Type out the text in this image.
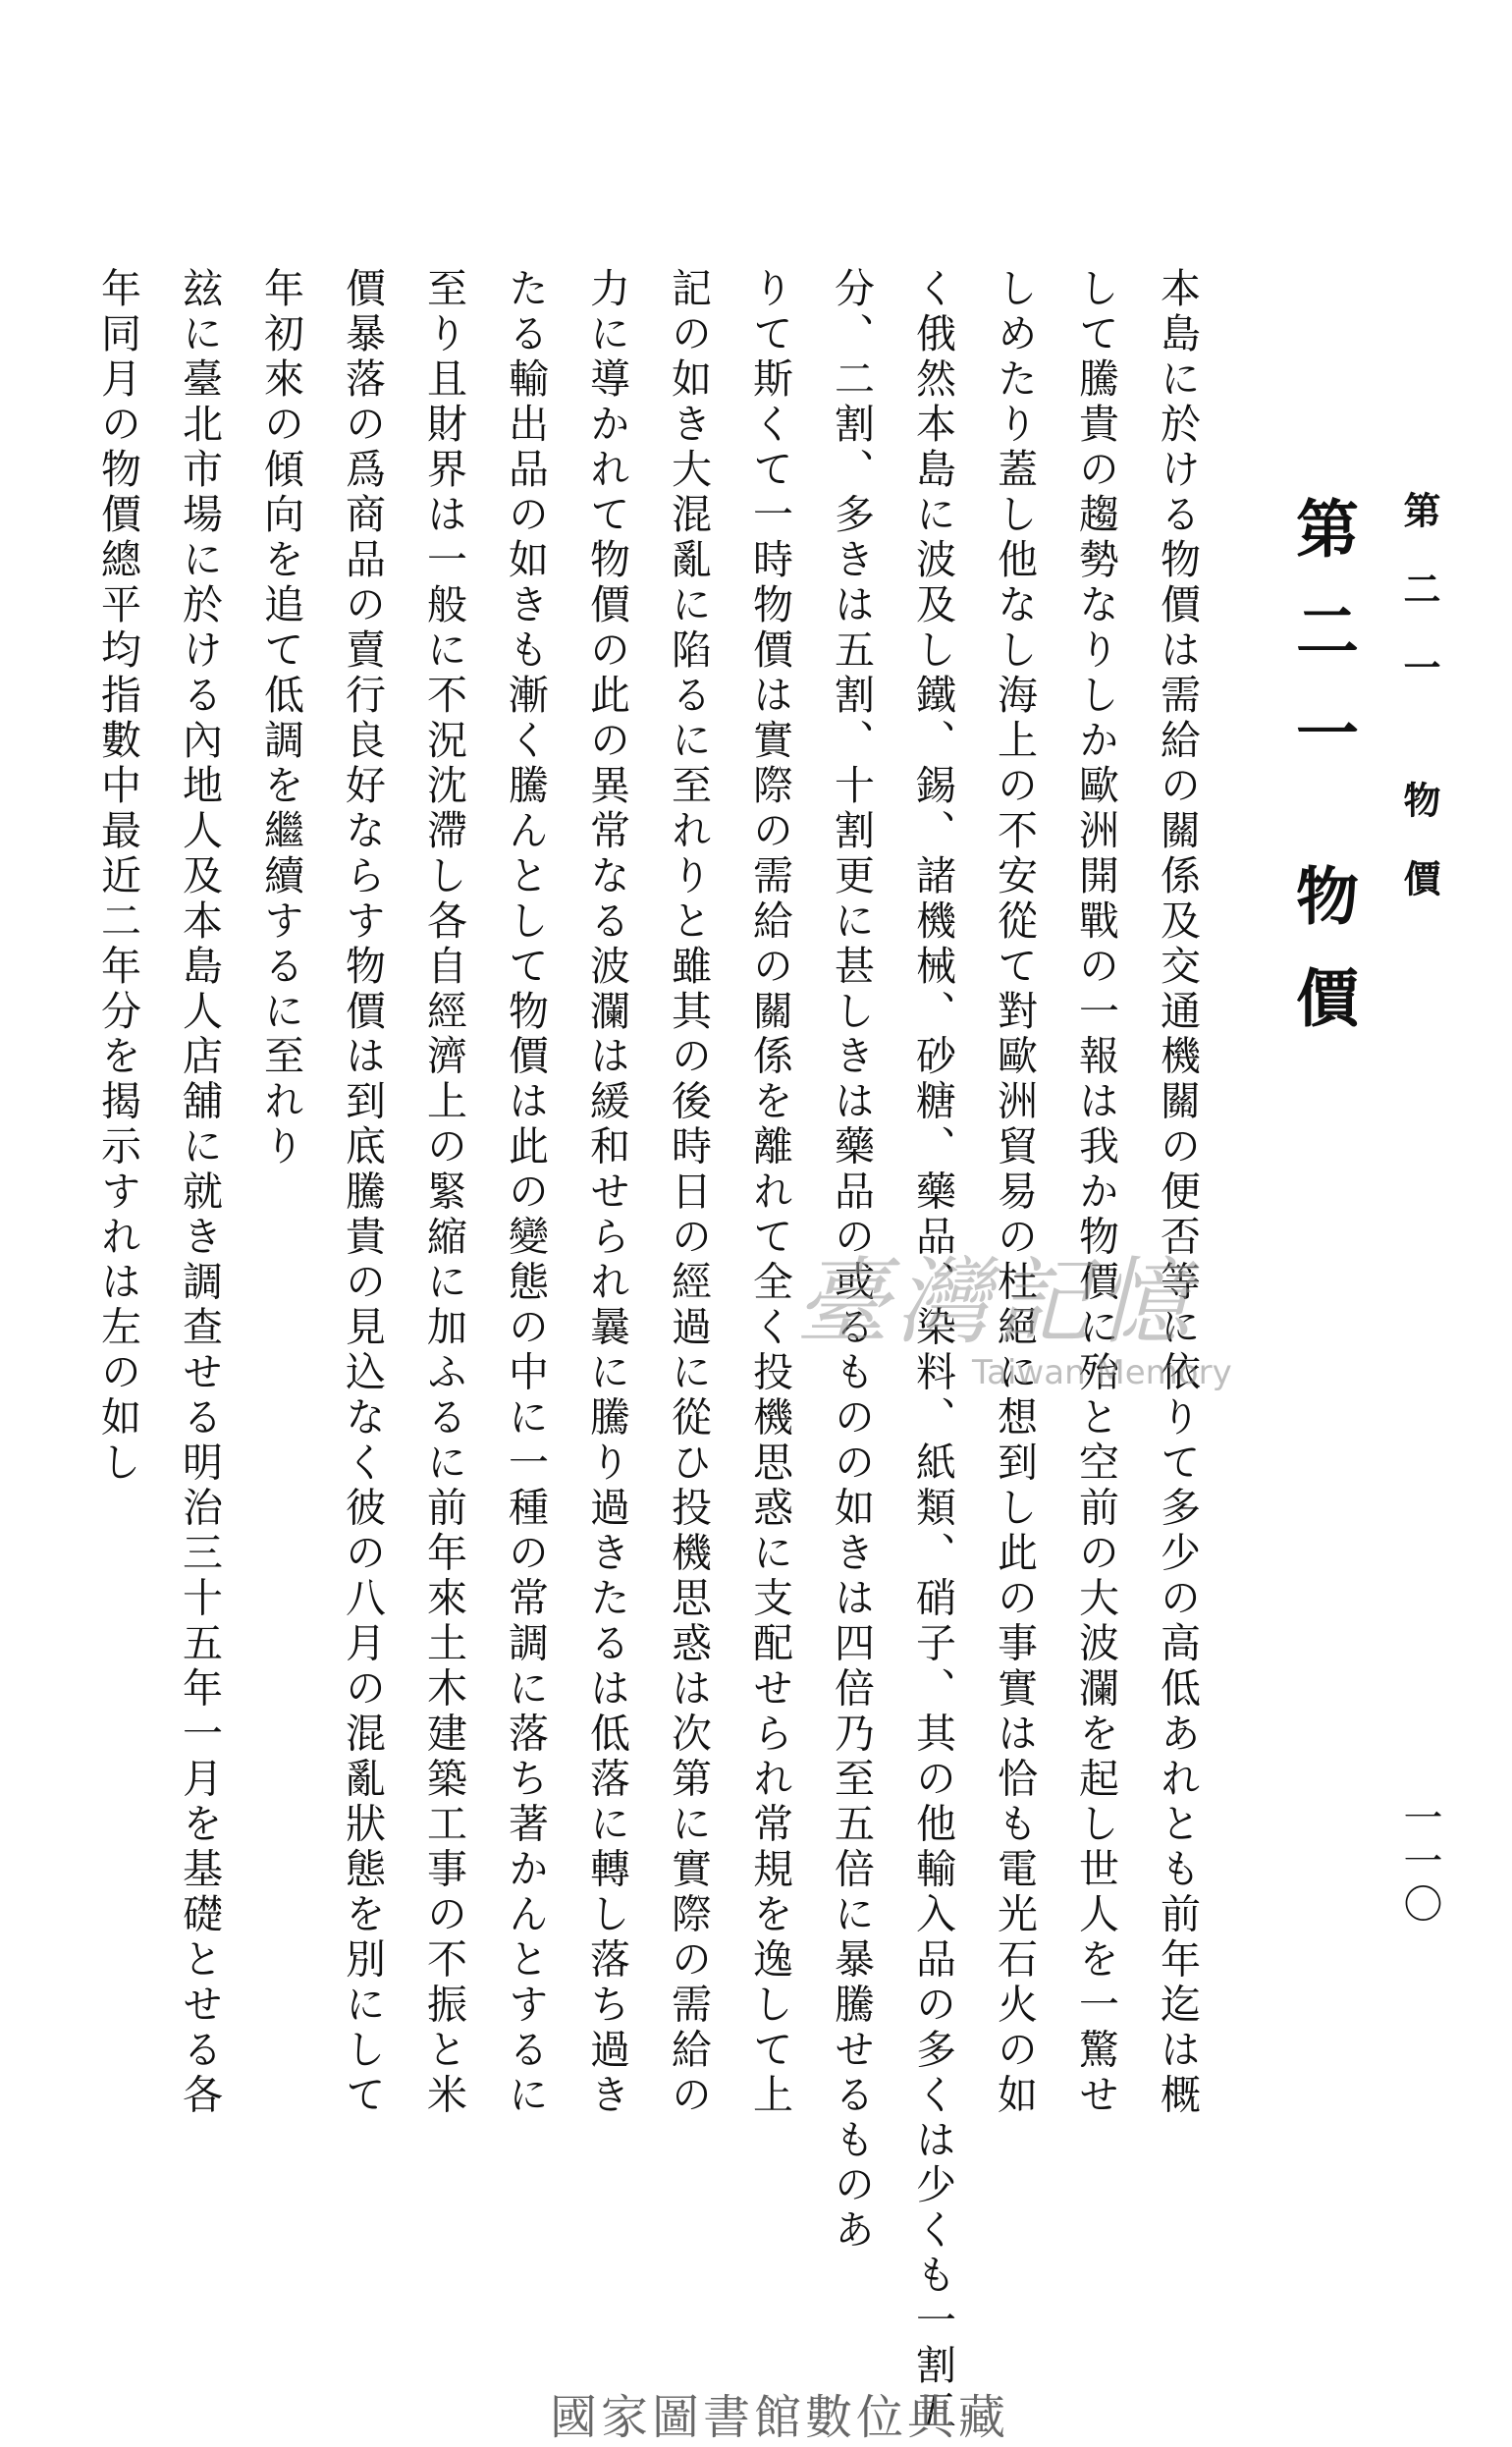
第二一 物價
一一〇
第二一 物價
本島に於ける物價は需給の關係及交通機關の便否等に依りて多少の高低あれとも前年迄は概
して騰貴の趨勢なりしか歐洲開戰の一報は我か物價に殆と空前の大波瀾を起し世人を一驚せ
しめたり蓋し他なし海上の不安從て對歐洲貿易の杜絕に想到し此の事實は恰も電光石火の如
く俄然本島に波及し鐵、錫、諸機械、砂糖、藥品、染料、紙類、硝子、其の他輸入品の多くは少くも一割五
分、二割、多きは五割、十割更に甚しきは藥品の或るものの如きは四倍乃至五倍に暴騰せるものあ
りて斯くて一時物價は實際の需給の關係を離れて全く投機思惑に支配せられ常規を逸して上
記の如き大混亂に陷るに至れりと雖其の後時日の經過に從ひ投機思惑は次第に實際の需給の
力に導かれて物價の此の異常なる波瀾は緩和せられ曩に騰り過きたるは低落に轉し落ち過き
たる輸出品の如きも漸く騰んとして物價は此の變態の中に一種の常調に落ち著かんとするに
至り且財界は一般に不況沈滯し各自經濟上の緊縮に加ふるに前年來土木建築工事の不振と米
價暴落の爲商品の賣行良好ならす物價は到底騰貴の見込なく彼の八月の混亂狀態を別にして
年初來の傾向を追て低調を繼續するに至れり
玆に臺北市場に於ける內地人及本島人店舖に就き調查せる明治三十五年一月を基礎とせる各
年同月の物價總平均指數中最近二年分を揭示すれは左の如し	臺灣記憶
Taiwan Memory
國家圖書館數位典藏
